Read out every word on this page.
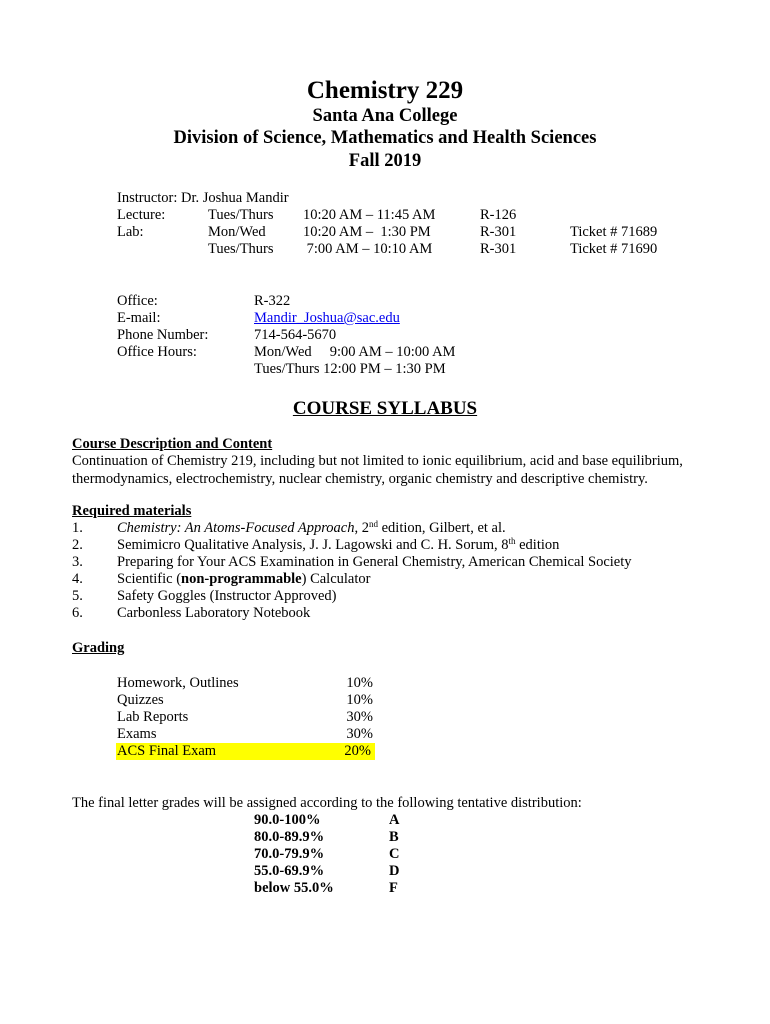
Chemistry 229
Santa Ana College
Division of Science, Mathematics and Health Sciences
Fall 2019
Instructor: Dr. Joshua Mandir
Lecture:	Tues/Thurs 10:20 AM – 11:45 AM	R-126
Lab:	Mon/Wed	10:20 AM –  1:30 PM	R-301	Ticket # 71689
Tues/Thurs 7:00 AM – 10:10 AM	R-301	Ticket # 71690
Office:	R-322
E-mail:	Mandir_Joshua@sac.edu
Phone Number:	714-564-5670
Office Hours:	Mon/Wed     9:00 AM – 10:00 AM
Tues/Thurs 12:00 PM – 1:30 PM
COURSE SYLLABUS
Course Description and Content
Continuation of Chemistry 219, including but not limited to ionic equilibrium, acid and base equilibrium, thermodynamics, electrochemistry, nuclear chemistry, organic chemistry and descriptive chemistry.
Required materials
1. Chemistry: An Atoms-Focused Approach, 2nd edition, Gilbert, et al.
2. Semimicro Qualitative Analysis, J. J. Lagowski and C. H. Sorum, 8th edition
3. Preparing for Your ACS Examination in General Chemistry, American Chemical Society
4. Scientific (non-programmable) Calculator
5. Safety Goggles (Instructor Approved)
6. Carbonless Laboratory Notebook
Grading
Homework, Outlines	10%
Quizzes	10%
Lab Reports	30%
Exams	30%
ACS Final Exam	20%
The final letter grades will be assigned according to the following tentative distribution:
90.0-100%	A
80.0-89.9%	B
70.0-79.9%	C
55.0-69.9%	D
below 55.0%	F
